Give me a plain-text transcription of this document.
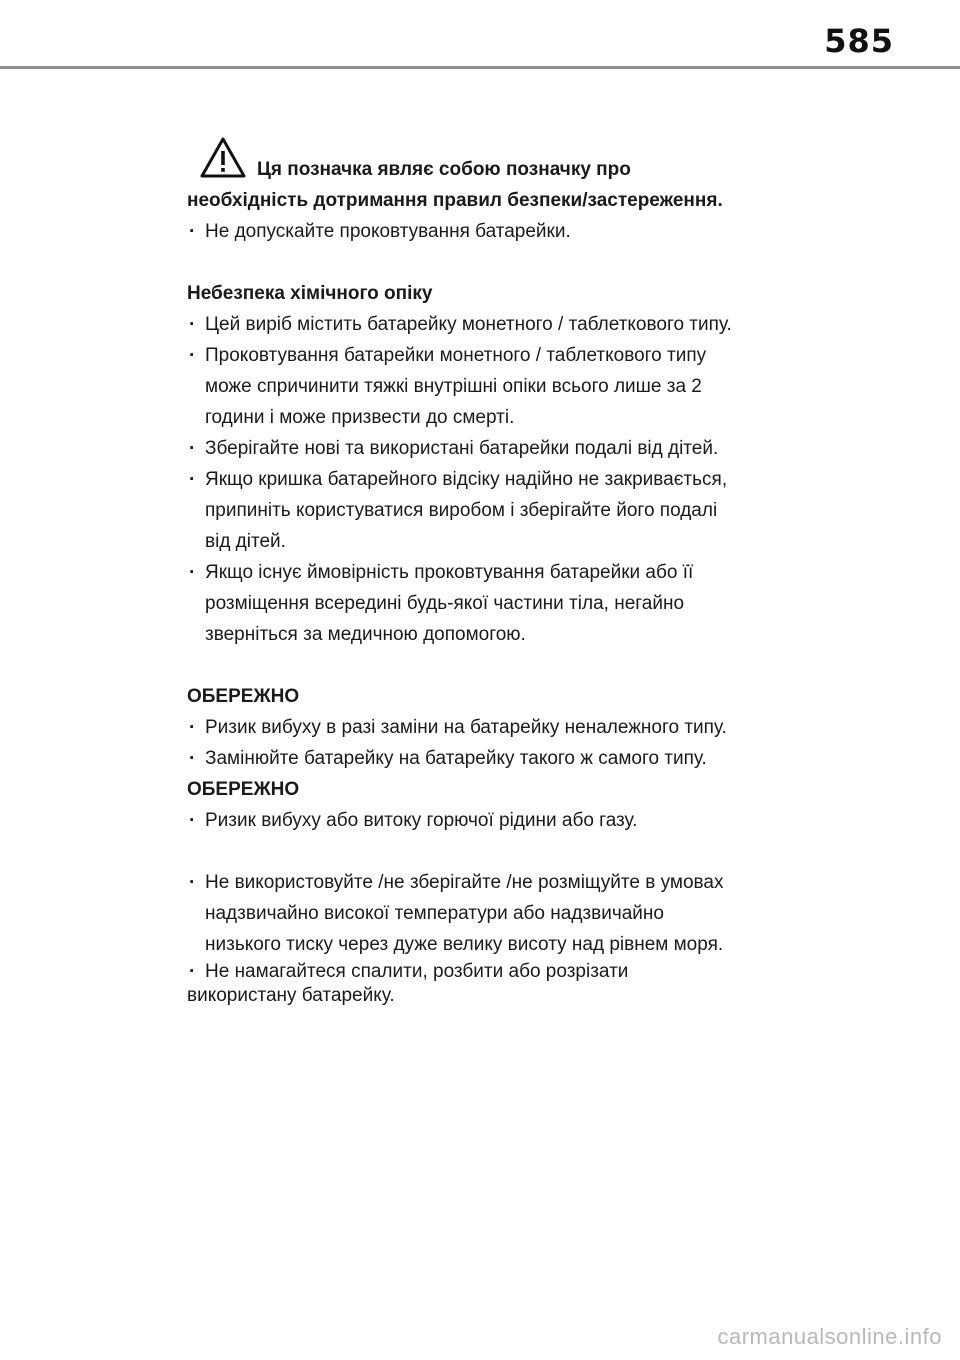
585
Ця позначка являє собою позначку про
необхідність дотримання правил безпеки/застереження.
· Не допускайте проковтування батарейки.
Небезпека хімічного опіку
· Цей виріб містить батарейку монетного / таблеткового типу.
· Проковтування батарейки монетного / таблеткового типу
може спричинити тяжкі внутрішні опіки всього лише за 2
години і може призвести до смерті.
· Зберігайте нові та використані батарейки подалі від дітей.
· Якщо кришка батарейного відсіку надійно не закривається,
припиніть користуватися виробом і зберігайте його подалі
від дітей.
· Якщо існує ймовірність проковтування батарейки або її
розміщення всередині будь-якої частини тіла, негайно
зверніться за медичною допомогою.
ОБЕРЕЖНО
· Ризик вибуху в разі заміни на батарейку неналежного типу.
· Замінюйте батарейку на батарейку такого ж самого типу.
ОБЕРЕЖНО
· Ризик вибуху або витоку горючої рідини або газу.
· Не використовуйте /не зберігайте /не розміщуйте в умовах
надзвичайно високої температури або надзвичайно
низького тиску через дуже велику висоту над рівнем моря.
· Не намагайтеся спалити, розбити або розрізати
використану батарейку.
carmanualsonline.info
